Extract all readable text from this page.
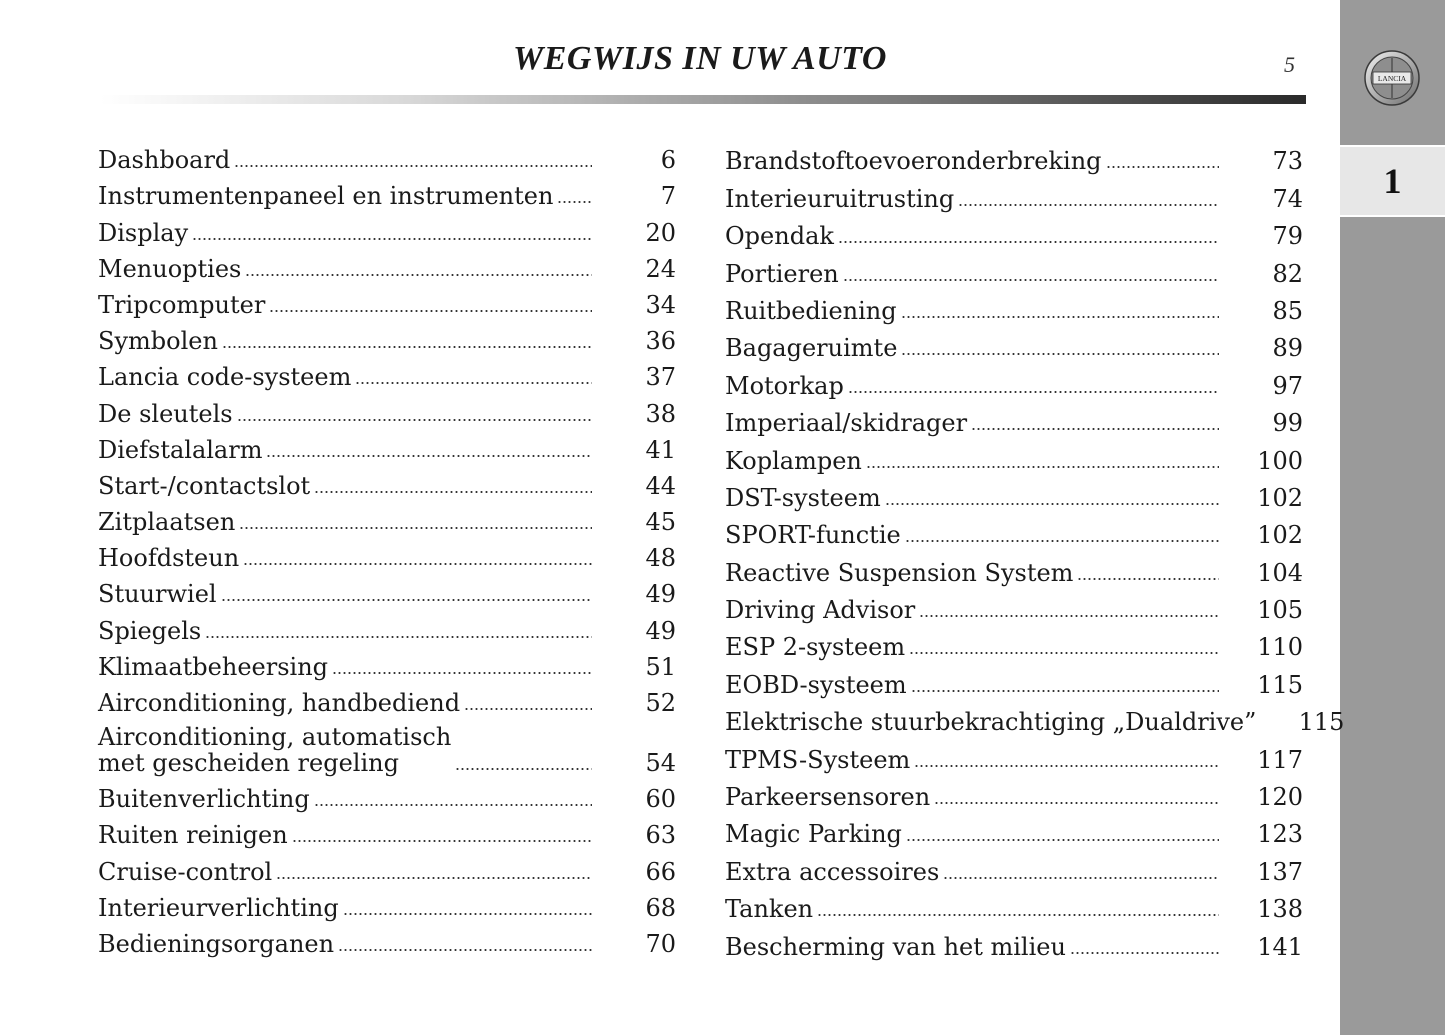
WEGWIJS IN UW AUTO	5
LANCIA
1
Dashboard	6
Instrumentenpaneel en instrumenten	7
Display	20
Menuopties	24
Tripcomputer	34
Symbolen	36
Lancia code-systeem	37
De sleutels	38
Diefstalalarm	41
Start-/contactslot	44
Zitplaatsen	45
Hoofdsteun	48
Stuurwiel	49
Spiegels	49
Klimaatbeheersing	51
Airconditioning, handbediend	52
Airconditioning, automatisch
met gescheiden regeling	54
Buitenverlichting	60
Ruiten reinigen	63
Cruise-control	66
Interieurverlichting	68
Bedieningsorganen	70
Brandstoftoevoeronderbreking	73
Interieuruitrusting	74
Opendak	79
Portieren	82
Ruitbediening	85
Bagageruimte	89
Motorkap	97
Imperiaal/skidrager	99
Koplampen	100
DST-systeem	102
SPORT-functie	102
Reactive Suspension System	104
Driving Advisor	105
ESP 2-systeem	110
EOBD-systeem	115
Elektrische stuurbekrachtiging „Dualdrive”	115
TPMS-Systeem	117
Parkeersensoren	120
Magic Parking	123
Extra accessoires	137
Tanken	138
Bescherming van het milieu	141
